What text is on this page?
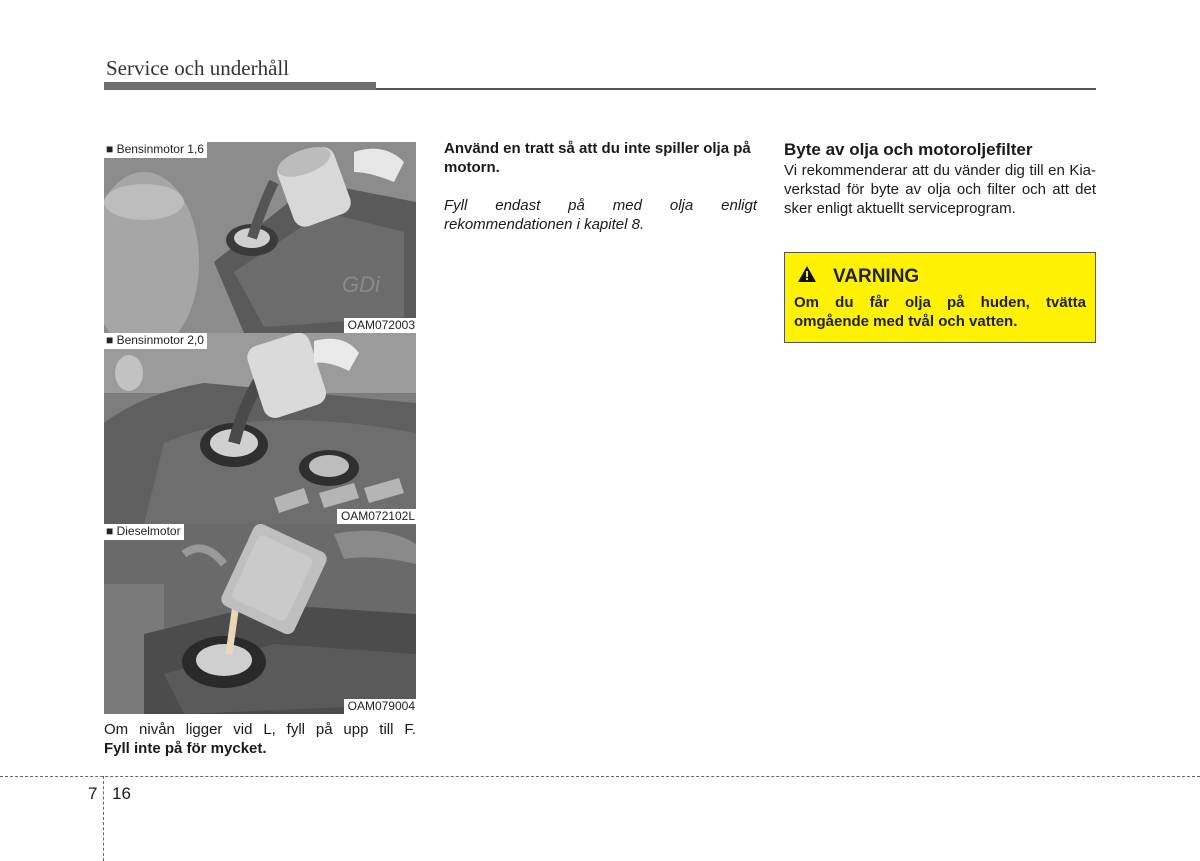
Service och underhåll
GDi
■ Bensinmotor 1,6
OAM072003
■ Bensinmotor 2,0
OAM072102L
■ Dieselmotor
OAM079004
Om nivån ligger vid L, fyll på upp till F.
Fyll inte på för mycket.
Använd en tratt så att du inte spiller olja på motorn.
Fyll endast på med olja enligt rekommendationen i kapitel 8.
Byte av olja och motoroljefilter
Vi rekommenderar att du vänder dig till en Kia-verkstad för byte av olja och filter och att det sker enligt aktuellt serviceprogram.
VARNING
Om du får olja på huden, tvätta omgående med tvål och vatten.
7 16
